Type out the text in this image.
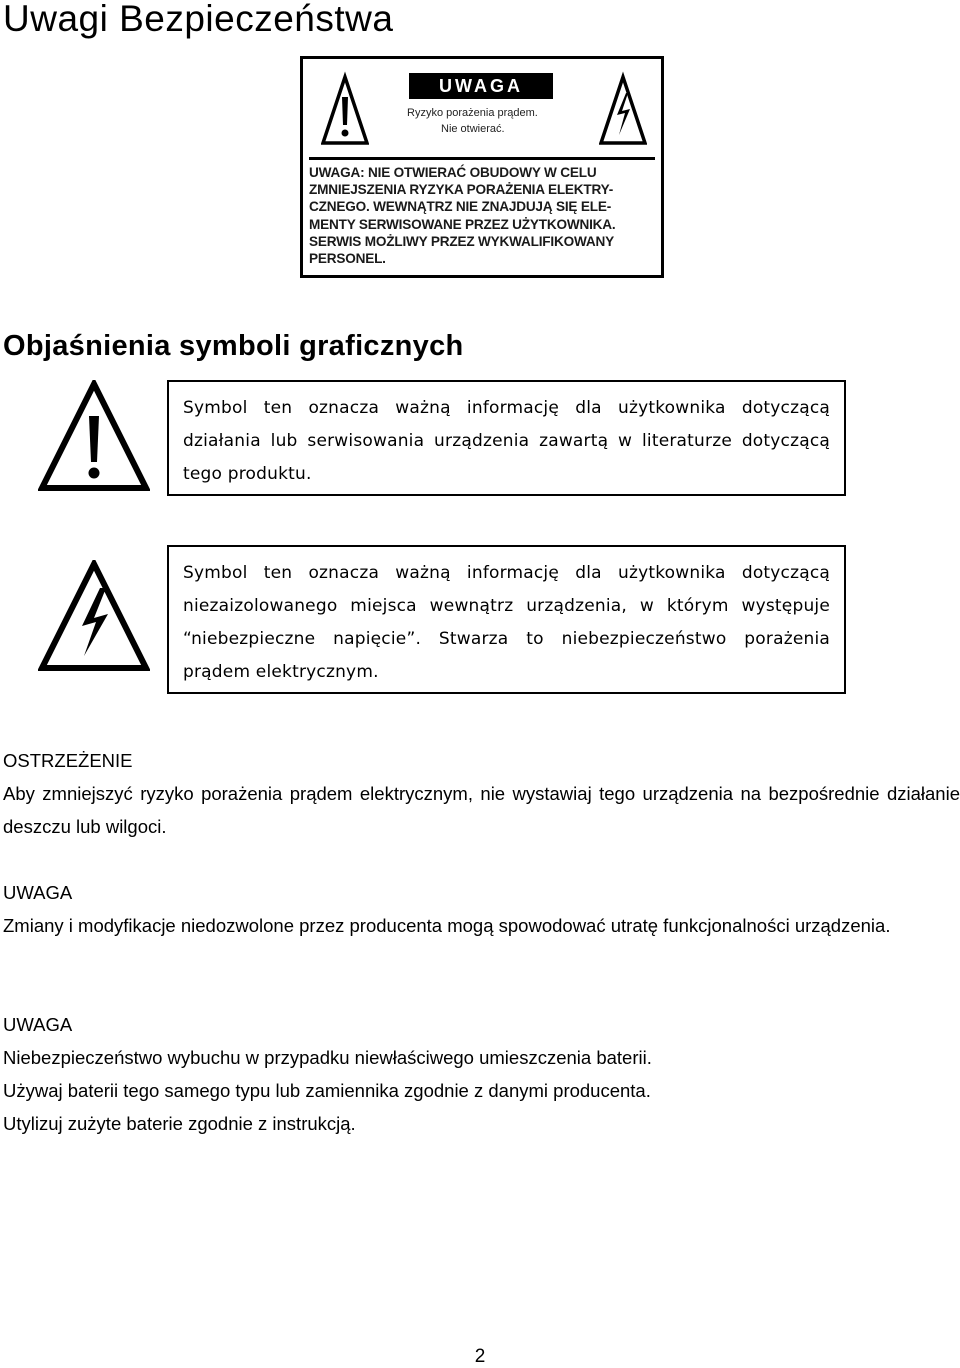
Uwagi Bezpieczeństwa
UWAGA
Ryzyko porażenia prądem.
Nie otwierać.
UWAGA: NIE OTWIERAĆ OBUDOWY W CELU
ZMNIEJSZENIA RYZYKA PORAŻENIA ELEKTRY-
CZNEGO. WEWNĄTRZ NIE ZNAJDUJĄ SIĘ ELE-
MENTY SERWISOWANE PRZEZ UŻYTKOWNIKA.
SERWIS MOŻLIWY PRZEZ WYKWALIFIKOWANY
PERSONEL.
Objaśnienia symboli graficznych

Symbol ten oznacza ważną informację dla użytkownika dotyczącą działania lub serwisowania urządzenia zawartą w literaturze dotyczącą tego produktu.

Symbol ten oznacza ważną informację dla użytkownika dotyczącą niezaizolowanego miejsca wewnątrz urządzenia, w którym występuje “niebezpieczne napięcie”. Stwarza to niebezpieczeństwo porażenia prądem elektrycznym.

OSTRZEŻENIE
Aby zmniejszyć ryzyko porażenia prądem elektrycznym, nie wystawiaj tego urządzenia na bezpośrednie działanie deszczu lub wilgoci.
UWAGA
Zmiany i modyfikacje niedozwolone przez producenta mogą spowodować utratę funkcjonalności urządzenia.
UWAGA
Niebezpieczeństwo wybuchu w przypadku niewłaściwego umieszczenia baterii.
Używaj baterii tego samego typu lub zamiennika zgodnie z danymi producenta.
Utylizuj zużyte baterie zgodnie z instrukcją.
2
